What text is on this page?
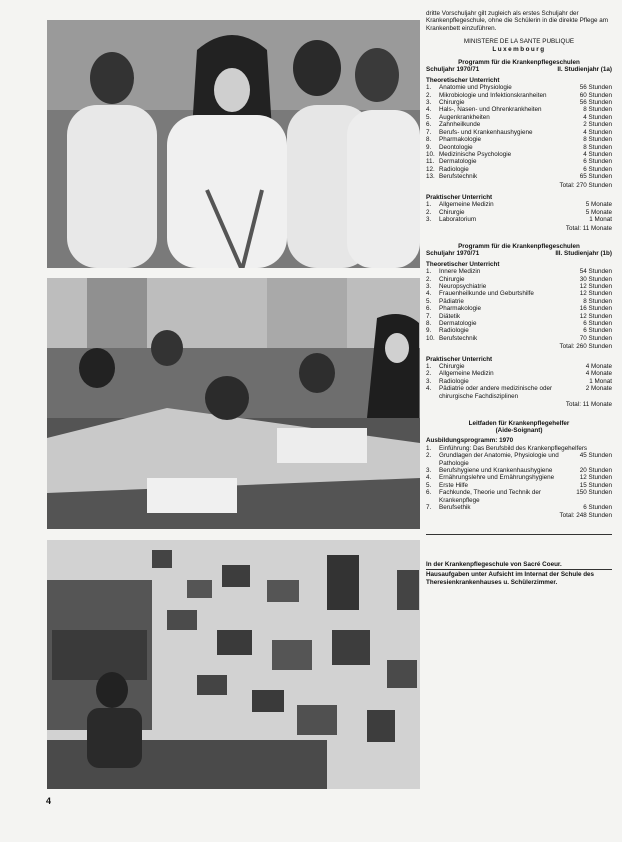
4
dritte Vorschuljahr gilt zugleich als erstes Schuljahr der Krankenpflegeschule, ohne die Schülerin in die direkte Pflege am Krankenbett einzuführen.
MINISTERE DE LA SANTE PUBLIQUE
Luxembourg
Programm für die Krankenpflegeschulen
Schuljahr 1970/71	II. Studienjahr (1a)
Theoretischer Unterricht
1.	Anatomie und Physiologie	56 Stunden
2.	Mikrobiologie und Infektionskranheiten	60 Stunden
3.	Chirurgie	56 Stunden
4.	Hals-, Nasen- und Ohrenkrankheiten	8 Stunden
5.	Augenkrankheiten	4 Stunden
6.	Zahnheilkunde	2 Stunden
7.	Berufs- und Krankenhaushygiene	4 Stunden
8.	Pharmakologie	8 Stunden
9.	Deontologie	8 Stunden
10. Medizinische Psychologie	4 Stunden
11. Dermatologie	6 Stunden
12. Radiologie	6 Stunden
13. Berufstechnik	65 Stunden
Total: 270 Stunden
Praktischer Unterricht
1.	Allgemeine Medizin	5 Monate
2.	Chirurgie	5 Monate
3.	Laboratorium	1 Monat
Total: 11 Monate
Programm für die Krankenpflegeschulen
Schuljahr 1970/71	III. Studienjahr (1b)
Theoretischer Unterricht
1.	Innere Medizin	54 Stunden
2.	Chirurgie	30 Stunden
3.	Neuropsychiatrie	12 Stunden
4.	Frauenheilkunde und Geburtshilfe	12 Stunden
5.	Pädiatrie	8 Stunden
6.	Pharmakologie	16 Stunden
7.	Diätetik	12 Stunden
8.	Dermatologie	6 Stunden
9.	Radiologie	6 Stunden
10. Berufstechnik	70 Stunden
Total: 260 Stunden
Praktischer Unterricht
1.	Chirurgie	4 Monate
2.	Allgemeine Medizin	4 Monate
3.	Radiologie	1 Monat
4.	Pädiatrie oder andere medizinische oder chirurgische Fachdisziplinen
2 Monate
Total: 11 Monate
Leitfaden für Krankenpflegehelfer
(Aide-Soignant)
Ausbildungsprogramm: 1970
1.	Einführung: Das Berufsbild des Krankenpflegehelfers
2.	Grundlagen der Anatomie, Physiologie und Pathologie
45 Stunden
3.	Berufshygiene und Krankenhaushygiene	20 Stunden
4.	Ernährungslehre und Ernährungshygiene	12 Stunden
5.	Erste Hilfe	15 Stunden
6.	Fachkunde, Theorie und Technik der Krankenpflege
150 Stunden
7.	Berufsethik	6 Stunden
Total: 248 Stunden
In der Krankenpflegeschule von Sacré Coeur.
Hausaufgaben unter Aufsicht im Internat der Schule des Theresienkrankenhauses u. Schülerzimmer.
